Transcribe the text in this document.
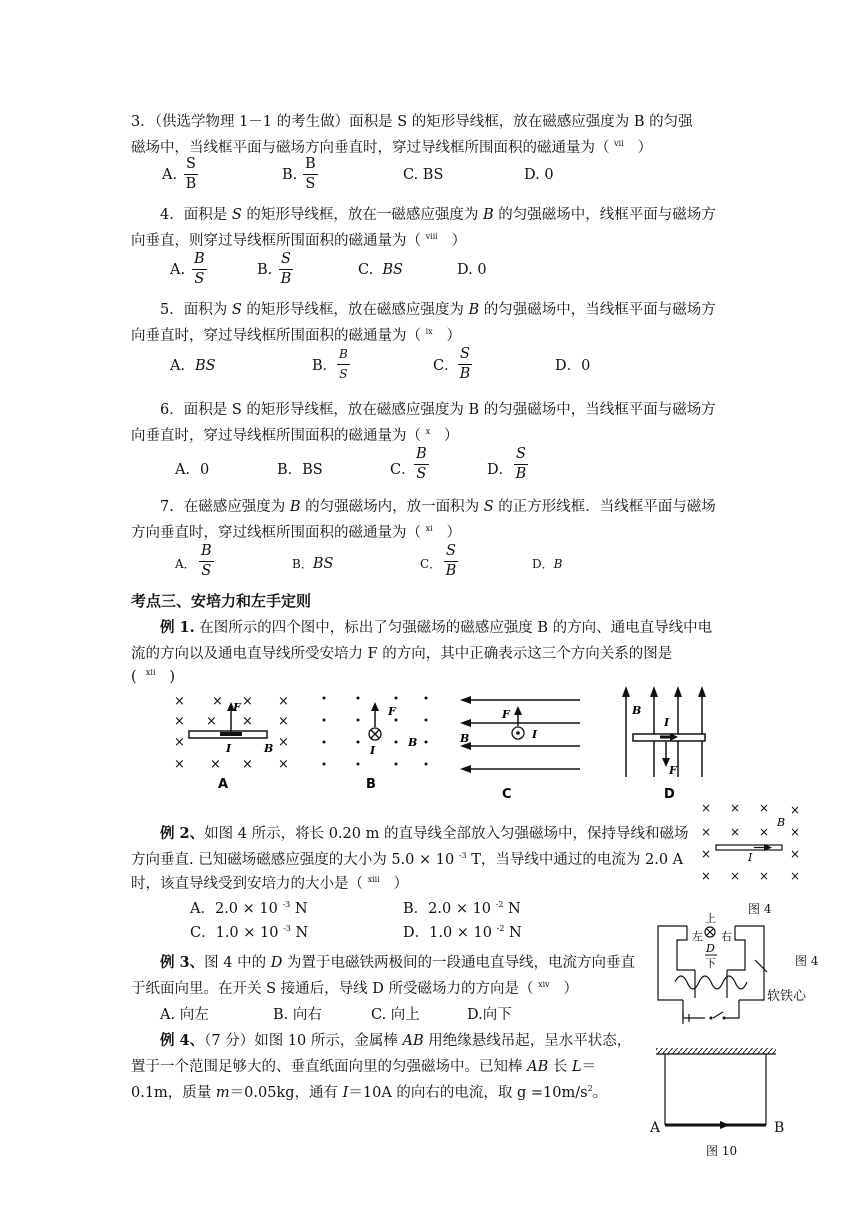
3．（供选学物理 1－1 的考生做）面积是 S 的矩形导线框，放在磁感应强度为 B 的匀强
磁场中，当线框平面与磁场方向垂直时，穿过导线框所围面积的磁通量为（ $^{vii}$ ）
A. $\frac{S}{B}$	B. $\frac{B}{S}$	C. BS	D. 0
4．面积是 S 的矩形导线框，放在一磁感应强度为 B 的匀强磁场中，线框平面与磁场方
向垂直，则穿过导线框所围面积的磁通量为（ $^{viii}$ ）
A. $\frac{B}{S}$	B. $\frac{S}{B}$	C. BS	D. 0
5．面积为 S 的矩形导线框，放在磁感应强度为 B 的匀强磁场中，当线框平面与磁场方
向垂直时，穿过导线框所围面积的磁通量为（ $^{ix}$ ）
A．BS	B． $\frac{B}{S}$	C． $\frac{S}{B}$	D．0
6．面积是 S 的矩形导线框，放在磁感应强度为 B 的匀强磁场中，当线框平面与磁场方
向垂直时，穿过导线框所围面积的磁通量为（ $^x$ ）
A．0	B．BS	C．
$\frac{B}{S}$	D． $\frac{S}{B}$
7．在磁感应强度为 B 的匀强磁场内，放一面积为 S 的正方形线框．当线框平面与磁场
方向垂直时，穿过线框所围面积的磁通量为（ $^{xi}$ ）
A． $\frac{B}{S}$	B．BS	C． $\frac{S}{B}$	D．B
考点三、安培力和左手定则
例 1. 在图所示的四个图中，标出了匀强磁场的磁感应强度 B 的方向、通电直导线中电
流的方向以及通电直导线所受安培力 F 的方向，其中正确表示这三个方向关系的图是
( $^{xii}$ )
× × × ×
× × × ×
×	×
× × × ×
F
I	B
A
F
I
B
B
F
I
B
C
B
I
F
D
例 2、如图 4 所示，将长 0.20 m 的直导线全部放入匀强磁场中，保持导线和磁场
方向垂直. 已知磁场磁感应强度的大小为 5.0 × 10 $^{-3}$ T，当导线中通过的电流为 2.0 A
时，该直导线受到安培力的大小是（ $^{xiii}$ ）
A．2.0 × 10 $^{-3}$ N	B．2.0 × 10 $^{-2}$ N
C．1.0 × 10 $^{-3}$ N	D．1.0 × 10 $^{-2}$ N
× × × ×
× × × ×
×	×
× × × ×
B
I
图 4
例 3、图 4 中的 D 为置于电磁铁两极间的一段通电直导线，电流方向垂直
于纸面向里。在开关 S 接通后，导线 D 所受磁场力的方向是（ $^{xiv}$ ）
A. 向左	B. 向右	C. 向上	D.向下
上
左 右
D
下	图 4
软铁心
例 4、（7 分）如图 10 所示，金属棒 AB 用绝缘悬线吊起，呈水平状态，
置于一个范围足够大的、垂直纸面向里的匀强磁场中。已知棒 AB 长 L＝
0.1m，质量 m＝0.05kg，通有 I＝10A 的向右的电流，取 $g =10m/s^2$。
A	B
图 10
